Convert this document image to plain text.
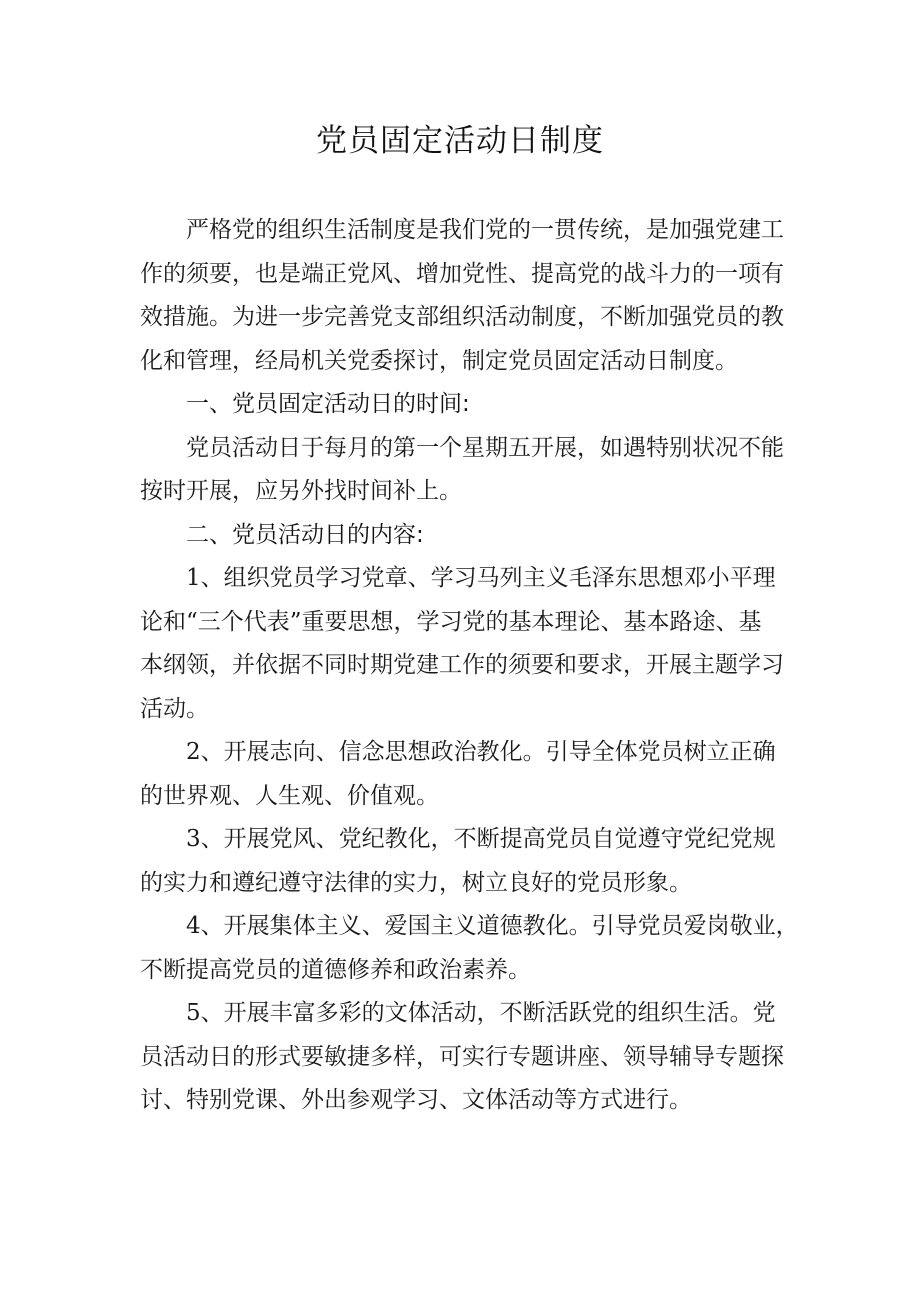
党员固定活动日制度

严格党的组织生活制度是我们党的一贯传统，是加强党建工
作的须要，也是端正党风、增加党性、提高党的战斗力的一项有
效措施。为进一步完善党支部组织活动制度，不断加强党员的教
化和管理，经局机关党委探讨，制定党员固定活动日制度。

一、党员固定活动日的时间:

党员活动日于每月的第一个星期五开展，如遇特别状况不能
按时开展，应另外找时间补上。

二、党员活动日的内容:

1、组织党员学习党章、学习马列主义毛泽东思想邓小平理
论和“三个代表”重要思想，学习党的基本理论、基本路途、基
本纲领，并依据不同时期党建工作的须要和要求，开展主题学习
活动。

2、开展志向、信念思想政治教化。引导全体党员树立正确
的世界观、人生观、价值观。

3、开展党风、党纪教化，不断提高党员自觉遵守党纪党规
的实力和遵纪遵守法律的实力，树立良好的党员形象。

4、开展集体主义、爱国主义道德教化。引导党员爱岗敬业，
不断提高党员的道德修养和政治素养。

5、开展丰富多彩的文体活动，不断活跃党的组织生活。党
员活动日的形式要敏捷多样，可实行专题讲座、领导辅导专题探
讨、特别党课、外出参观学习、文体活动等方式进行。
